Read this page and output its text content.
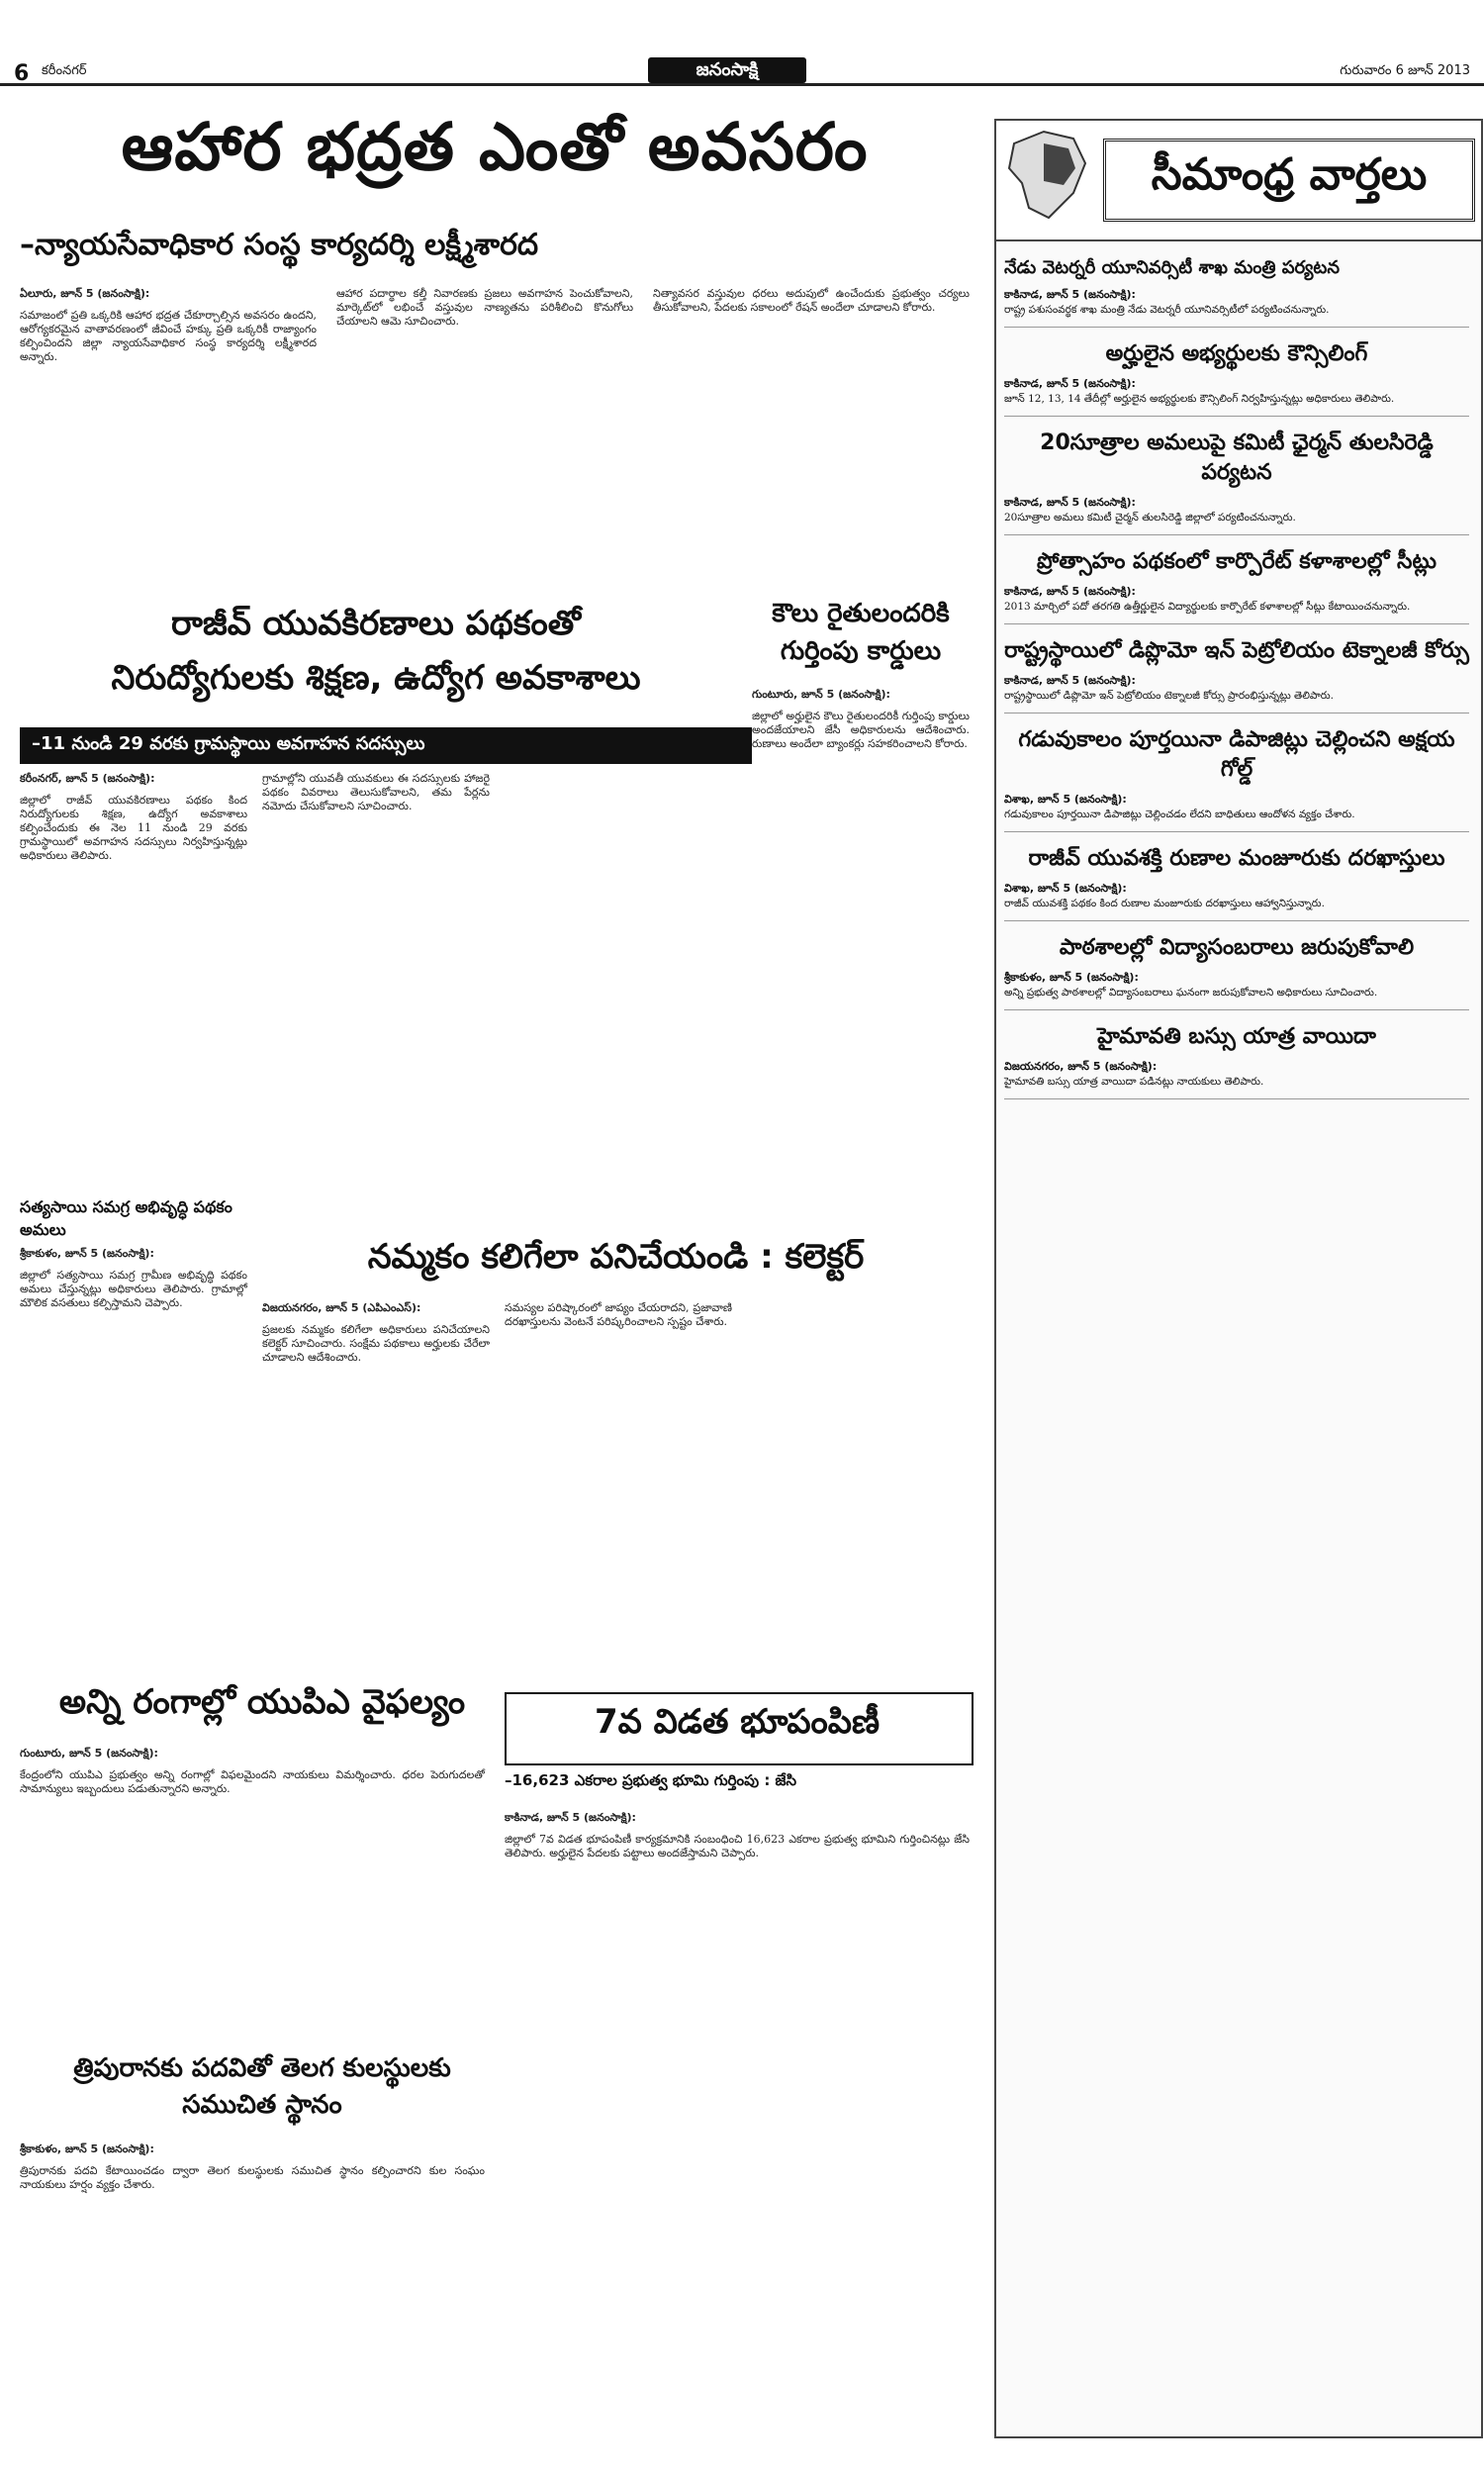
6 కరీంనగర్	జనంసాక్షి	గురువారం 6 జూన్ 2013
ఆహార భద్రత ఎంతో అవసరం
–న్యాయసేవాధికార సంస్థ కార్యదర్శి లక్ష్మీశారద

ఏలూరు, జూన్ 5 (జనంసాక్షి):

సమాజంలో ప్రతి ఒక్కరికి ఆహార భద్రత చేకూర్చాల్సిన అవసరం ఉందని, ఆరోగ్యకరమైన వాతావరణంలో జీవించే హక్కు ప్రతి ఒక్కరికీ రాజ్యాంగం కల్పించిందని జిల్లా న్యాయసేవాధికార సంస్థ కార్యదర్శి లక్ష్మీశారద అన్నారు.

ఆహార పదార్థాల కల్తీ నివారణకు ప్రజలు అవగాహన పెంచుకోవాలని, మార్కెట్‌లో లభించే వస్తువుల నాణ్యతను పరిశీలించి కొనుగోలు చేయాలని ఆమె సూచించారు.

నిత్యావసర వస్తువుల ధరలు అదుపులో ఉంచేందుకు ప్రభుత్వం చర్యలు తీసుకోవాలని, పేదలకు సకాలంలో రేషన్ అందేలా చూడాలని కోరారు.

రాజీవ్ యువకిరణాలు పథకంతో
నిరుద్యోగులకు శిక్షణ, ఉద్యోగ అవకాశాలు
–11 నుండి 29 వరకు గ్రామస్థాయి అవగాహన సదస్సులు

కరీంనగర్, జూన్ 5 (జనంసాక్షి):

జిల్లాలో రాజీవ్ యువకిరణాలు పథకం కింద నిరుద్యోగులకు శిక్షణ, ఉద్యోగ అవకాశాలు కల్పించేందుకు ఈ నెల 11 నుండి 29 వరకు గ్రామస్థాయిలో అవగాహన సదస్సులు నిర్వహిస్తున్నట్లు అధికారులు తెలిపారు.

గ్రామాల్లోని యువతీ యువకులు ఈ సదస్సులకు హాజరై పథకం వివరాలు తెలుసుకోవాలని, తమ పేర్లను నమోదు చేసుకోవాలని సూచించారు.

కౌలు రైతులందరికి
గుర్తింపు కార్డులు

గుంటూరు, జూన్ 5 (జనంసాక్షి):

జిల్లాలో అర్హులైన కౌలు రైతులందరికీ గుర్తింపు కార్డులు అందజేయాలని జేసీ అధికారులను ఆదేశించారు. రుణాలు అందేలా బ్యాంకర్లు సహకరించాలని కోరారు.

సత్యసాయి సమగ్ర అభివృద్ధి పథకం అమలు

శ్రీకాకుళం, జూన్ 5 (జనంసాక్షి):

జిల్లాలో సత్యసాయి సమగ్ర గ్రామీణ అభివృద్ధి పథకం అమలు చేస్తున్నట్లు అధికారులు తెలిపారు. గ్రామాల్లో మౌలిక వసతులు కల్పిస్తామని చెప్పారు.

నమ్మకం కలిగేలా పనిచేయండి : కలెక్టర్

విజయనగరం, జూన్ 5 (ఎపిఎంఎస్):

ప్రజలకు నమ్మకం కలిగేలా అధికారులు పనిచేయాలని కలెక్టర్ సూచించారు. సంక్షేమ పథకాలు అర్హులకు చేరేలా చూడాలని ఆదేశించారు.

సమస్యల పరిష్కారంలో జాప్యం చేయరాదని, ప్రజావాణి దరఖాస్తులను వెంటనే పరిష్కరించాలని స్పష్టం చేశారు.

అన్ని రంగాల్లో యుపిఎ వైఫల్యం

గుంటూరు, జూన్ 5 (జనంసాక్షి):

కేంద్రంలోని యుపిఎ ప్రభుత్వం అన్ని రంగాల్లో విఫలమైందని నాయకులు విమర్శించారు. ధరల పెరుగుదలతో సామాన్యులు ఇబ్బందులు పడుతున్నారని అన్నారు.

త్రిపురానకు పదవితో తెలగ కులస్థులకు
సముచిత స్థానం

శ్రీకాకుళం, జూన్ 5 (జనంసాక్షి):

త్రిపురానకు పదవి కేటాయించడం ద్వారా తెలగ కులస్థులకు సముచిత స్థానం కల్పించారని కుల సంఘం నాయకులు హర్షం వ్యక్తం చేశారు.

7వ విడత భూపంపిణీ
–16,623 ఎకరాల ప్రభుత్వ భూమి గుర్తింపు : జేసి

కాకినాడ, జూన్ 5 (జనంసాక్షి):

జిల్లాలో 7వ విడత భూపంపిణీ కార్యక్రమానికి సంబంధించి 16,623 ఎకరాల ప్రభుత్వ భూమిని గుర్తించినట్లు జేసి తెలిపారు. అర్హులైన పేదలకు పట్టాలు అందజేస్తామని చెప్పారు.

సీమాంధ్ర వార్తలు
నేడు వెటర్నరీ యూనివర్సిటీ శాఖ మంత్రి పర్యటన
కాకినాడ, జూన్ 5 (జనంసాక్షి):
రాష్ట్ర పశుసంవర్థక శాఖ మంత్రి నేడు వెటర్నరీ యూనివర్సిటీలో పర్యటించనున్నారు.
అర్హులైన అభ్యర్థులకు కౌన్సిలింగ్
కాకినాడ, జూన్ 5 (జనంసాక్షి):
జూన్ 12, 13, 14 తేదీల్లో అర్హులైన అభ్యర్థులకు కౌన్సిలింగ్ నిర్వహిస్తున్నట్లు అధికారులు తెలిపారు.
20సూత్రాల అమలుపై కమిటీ ఛైర్మన్ తులసిరెడ్డి పర్యటన
కాకినాడ, జూన్ 5 (జనంసాక్షి):
20సూత్రాల అమలు కమిటీ చైర్మన్ తులసిరెడ్డి జిల్లాలో పర్యటించనున్నారు.
ప్రోత్సాహం పథకంలో కార్పొరేట్ కళాశాలల్లో సీట్లు
కాకినాడ, జూన్ 5 (జనంసాక్షి):
2013 మార్చిలో పదో తరగతి ఉత్తీర్ణులైన విద్యార్థులకు కార్పొరేట్ కళాశాలల్లో సీట్లు కేటాయించనున్నారు.
రాష్ట్రస్థాయిలో డిప్లొమో ఇన్ పెట్రోలియం టెక్నాలజీ కోర్సు
కాకినాడ, జూన్ 5 (జనంసాక్షి):
రాష్ట్రస్థాయిలో డిప్లొమో ఇన్ పెట్రోలియం టెక్నాలజీ కోర్సు ప్రారంభిస్తున్నట్లు తెలిపారు.
గడువుకాలం పూర్తయినా డిపాజిట్లు చెల్లించని అక్షయ గోల్డ్
విశాఖ, జూన్ 5 (జనంసాక్షి):
గడువుకాలం పూర్తయినా డిపాజిట్లు చెల్లించడం లేదని బాధితులు ఆందోళన వ్యక్తం చేశారు.
రాజీవ్ యువశక్తి రుణాల మంజూరుకు దరఖాస్తులు
విశాఖ, జూన్ 5 (జనంసాక్షి):
రాజీవ్ యువశక్తి పథకం కింద రుణాల మంజూరుకు దరఖాస్తులు ఆహ్వానిస్తున్నారు.
పాఠశాలల్లో విద్యాసంబరాలు జరుపుకోవాలి
శ్రీకాకుళం, జూన్ 5 (జనంసాక్షి):
అన్ని ప్రభుత్వ పాఠశాలల్లో విద్యాసంబరాలు ఘనంగా జరుపుకోవాలని అధికారులు సూచించారు.
హైమావతి బస్సు యాత్ర వాయిదా
విజయనగరం, జూన్ 5 (జనంసాక్షి):
హైమావతి బస్సు యాత్ర వాయిదా పడినట్లు నాయకులు తెలిపారు.
